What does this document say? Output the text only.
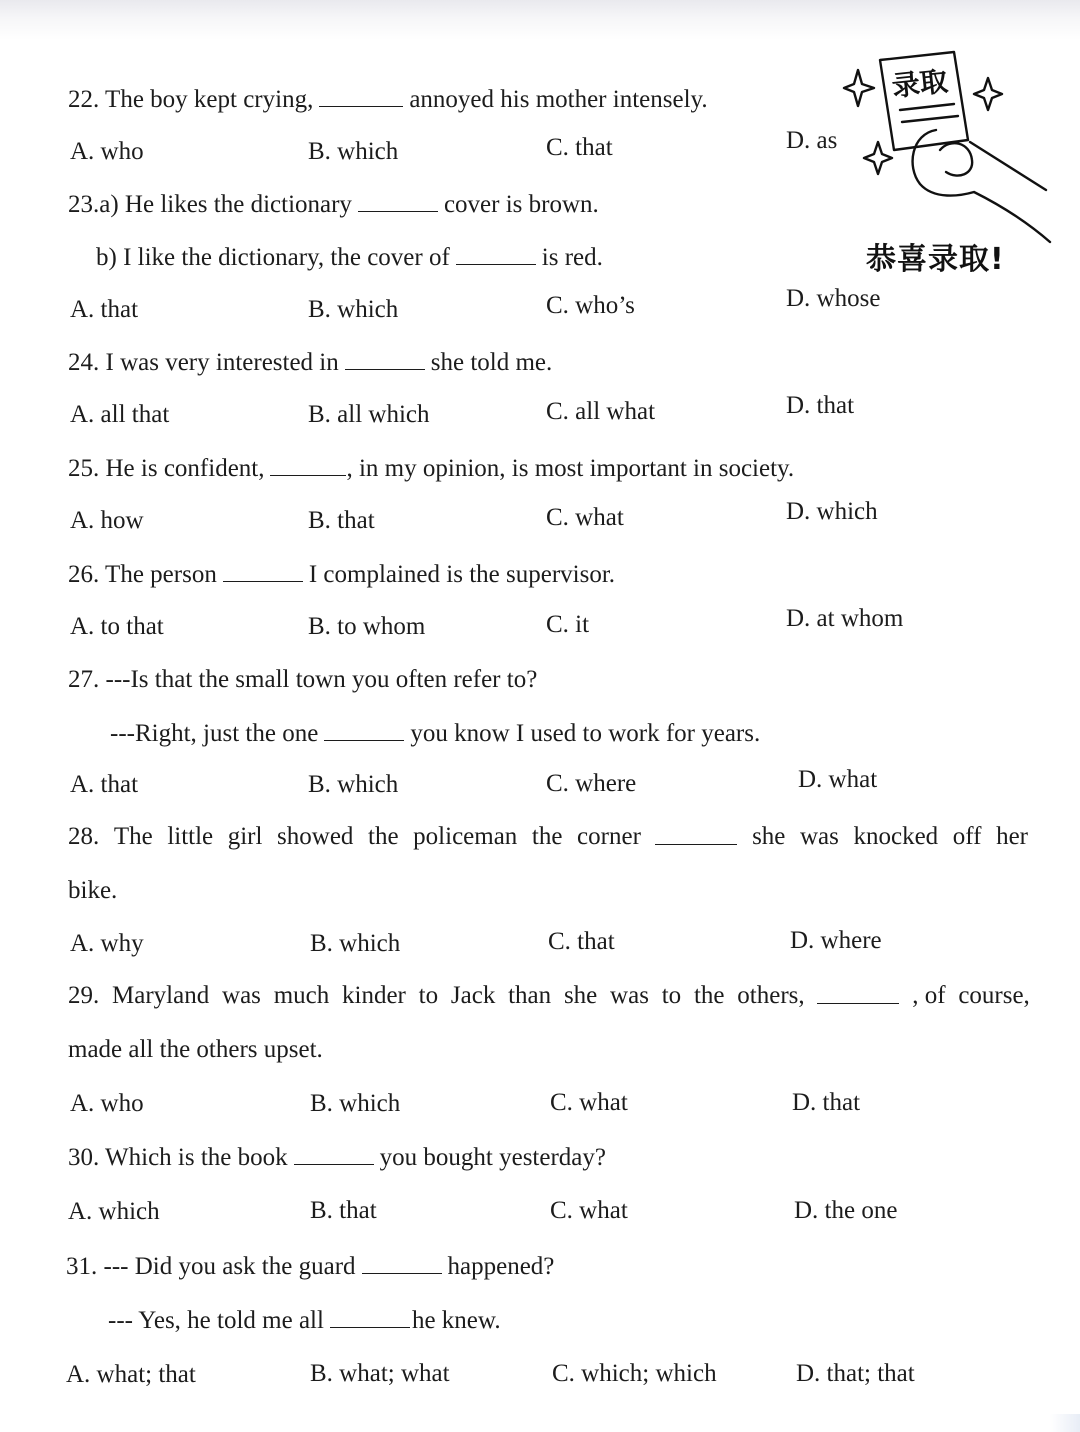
22. The boy kept crying,	annoyed his mother intensely.
A. who	B. which	C. that	D. as
23.a) He likes the dictionary	cover is brown.
b) I like the dictionary, the cover of	is red.
A. that	B. which	C. who’s	D. whose
24. I was very interested in	she told me.
A. all that	B. all which	C. all what	D. that
25. He is confident,	, in my opinion, is most important in society.
A. how	B. that	C. what	D. which
26. The person	I complained is the supervisor.
A. to that	B. to whom	C. it	D. at whom
27. ---Is that the small town you often refer to?
---Right, just the one	you know I used to work for years.
A. that	B. which	C. where	D. what
28. The little girl showed the policeman the corner	she was knocked off her
bike.
A. why	B. which	C. that	D. where
29. Maryland was much kinder to Jack than she was to the others,	, of course,
made all the others upset.
A. who	B. which	C. what	D. that
30. Which is the book	you bought yesterday?
A. which	B. that	C. what	D. the one
31. --- Did you ask the guard	happened?
--- Yes, he told me all	he knew.
A. what; that	B. what; what	C. which; which	D. that; that
录取
恭喜录取!
